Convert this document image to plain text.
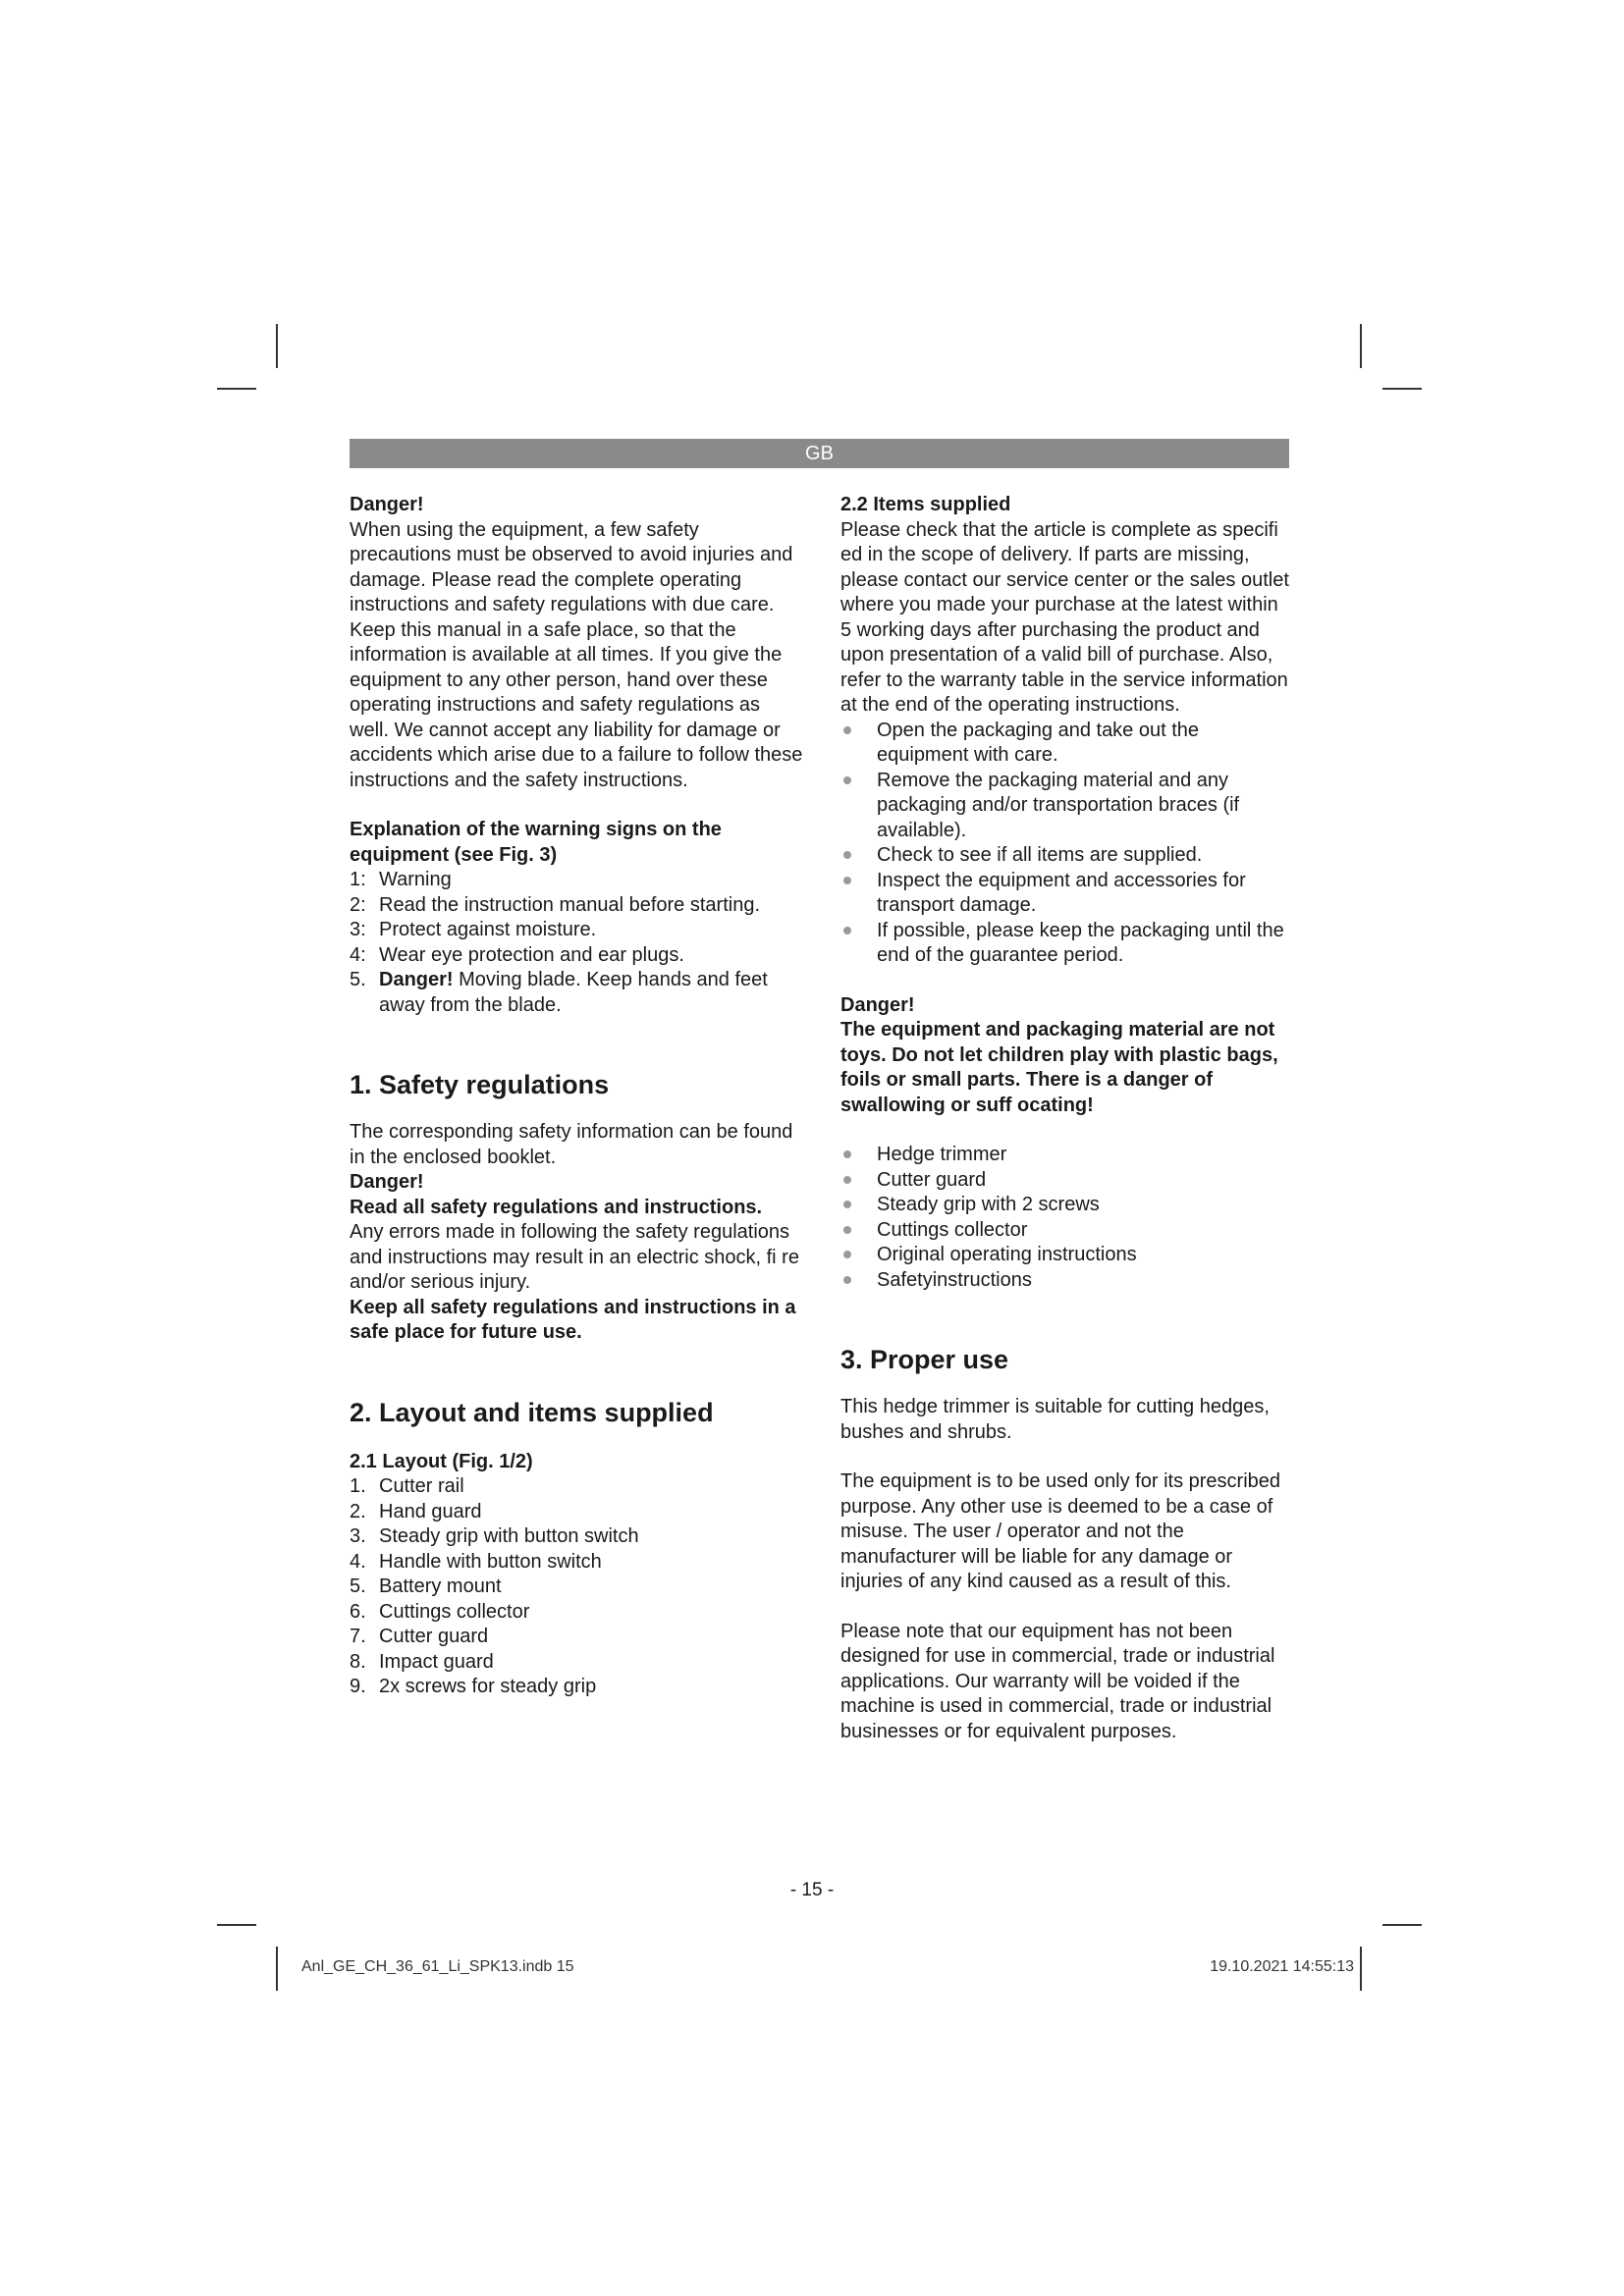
GB

Danger!

When using the equipment, a few safety precautions must be observed to avoid injuries and damage. Please read the complete operating instructions and safety regulations with due care. Keep this manual in a safe place, so that the information is available at all times. If you give the equipment to any other person, hand over these operating instructions and safety regulations as well. We cannot accept any liability for damage or accidents which arise due to a failure to follow these instructions and the safety instructions.

Explanation of the warning signs on the equipment (see Fig. 3)
1: Warning
2: Read the instruction manual before starting.
3: Protect against moisture.
4: Wear eye protection and ear plugs.
5. Danger! Moving blade. Keep hands and feet away from the blade.
1. Safety regulations

The corresponding safety information can be found in the enclosed booklet.

Danger!

Read all safety regulations and instructions.

Any errors made in following the safety regulations and instructions may result in an electric shock, fi re and/or serious injury.

Keep all safety regulations and instructions in a safe place for future use.

2. Layout and items supplied
2.1 Layout (Fig. 1/2)
1. Cutter rail
2. Hand guard
3. Steady grip with button switch
4. Handle with button switch
5. Battery mount
6. Cuttings collector
7. Cutter guard
8. Impact guard
9. 2x screws for steady grip
2.2 Items supplied

Please check that the article is complete as specifi ed in the scope of delivery. If parts are missing, please contact our service center or the sales outlet where you made your purchase at the latest within 5 working days after purchasing the product and upon presentation of a valid bill of purchase. Also, refer to the warranty table in the service information at the end of the operating instructions.

Open the packaging and take out the equipment with care.
Remove the packaging material and any packaging and/or transportation braces (if available).
Check to see if all items are supplied.
Inspect the equipment and accessories for transport damage.
If possible, please keep the packaging until the end of the guarantee period.

Danger!

The equipment and packaging material are not toys. Do not let children play with plastic bags, foils or small parts. There is a danger of swallowing or suff ocating!

Hedge trimmer
Cutter guard
Steady grip with 2 screws
Cuttings collector
Original operating instructions
Safetyinstructions
3. Proper use

This hedge trimmer is suitable for cutting hedges, bushes and shrubs.

The equipment is to be used only for its prescribed purpose. Any other use is deemed to be a case of misuse. The user / operator and not the manufacturer will be liable for any damage or injuries of any kind caused as a result of this.

Please note that our equipment has not been designed for use in commercial, trade or industrial applications. Our warranty will be voided if the machine is used in commercial, trade or industrial businesses or for equivalent purposes.

- 15 -
Anl_GE_CH_36_61_Li_SPK13.indb 15	19.10.2021 14:55:13
